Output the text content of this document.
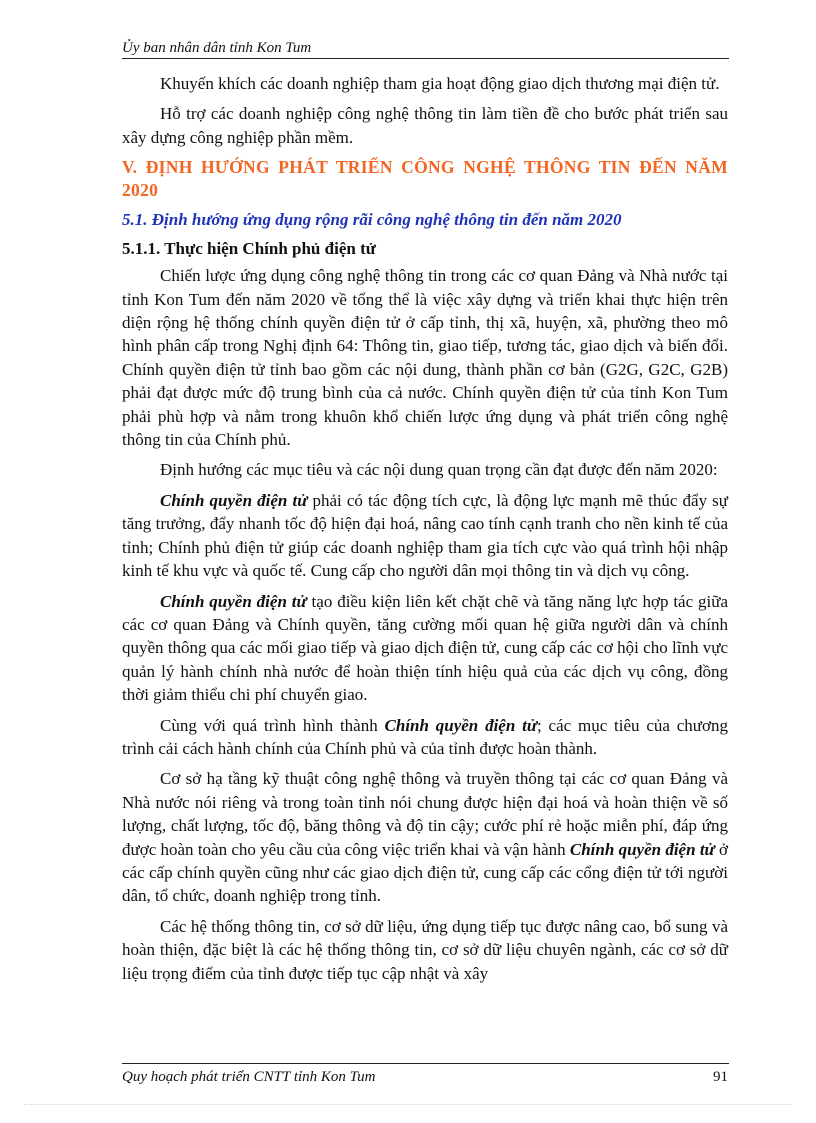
Ủy ban nhân dân tỉnh Kon Tum

Khuyến khích các doanh nghiệp tham gia hoạt động giao dịch thương mại điện tử.

Hỗ trợ các doanh nghiệp công nghệ thông tin làm tiền đề cho bước phát triển sau xây dựng công nghiệp phần mềm.

V. ĐỊNH HƯỚNG PHÁT TRIỂN CÔNG NGHỆ THÔNG TIN ĐẾN NĂM 2020
5.1. Định hướng ứng dụng rộng rãi công nghệ thông tin đến năm 2020
5.1.1. Thực hiện Chính phủ điện tử

Chiến lược ứng dụng công nghệ thông tin trong các cơ quan Đảng và Nhà nước tại tỉnh Kon Tum đến năm 2020 về tổng thể là việc xây dựng và triển khai thực hiện trên diện rộng hệ thống chính quyền điện tử ở cấp tỉnh, thị xã, huyện, xã, phường theo mô hình phân cấp trong Nghị định 64: Thông tin, giao tiếp, tương tác, giao dịch và biến đổi. Chính quyền điện tử tỉnh bao gồm các nội dung, thành phần cơ bản (G2G, G2C, G2B) phải đạt được mức độ trung bình của cả nước. Chính quyền điện tử của tỉnh Kon Tum phải phù hợp và nằm trong khuôn khổ chiến lược ứng dụng và phát triển công nghệ thông tin của Chính phủ.

Định hướng các mục tiêu và các nội dung quan trọng cần đạt được đến năm 2020:

Chính quyền điện tử phải có tác động tích cực, là động lực mạnh mẽ thúc đẩy sự tăng trưởng, đẩy nhanh tốc độ hiện đại hoá, nâng cao tính cạnh tranh cho nền kinh tế của tỉnh; Chính phủ điện tử giúp các doanh nghiệp tham gia tích cực vào quá trình hội nhập kinh tế khu vực và quốc tế. Cung cấp cho người dân mọi thông tin và dịch vụ công.

Chính quyền điện tử tạo điều kiện liên kết chặt chẽ và tăng năng lực hợp tác giữa các cơ quan Đảng và Chính quyền, tăng cường mối quan hệ giữa người dân và chính quyền thông qua các mối giao tiếp và giao dịch điện tử, cung cấp các cơ hội cho lĩnh vực quản lý hành chính nhà nước để hoàn thiện tính hiệu quả của các dịch vụ công, đồng thời giảm thiểu chi phí chuyển giao.

Cùng với quá trình hình thành Chính quyền điện tử; các mục tiêu của chương trình cải cách hành chính của Chính phủ và của tỉnh được hoàn thành.

Cơ sở hạ tầng kỹ thuật công nghệ thông và truyền thông tại các cơ quan Đảng và Nhà nước nói riêng và trong toàn tỉnh nói chung được hiện đại hoá và hoàn thiện về số lượng, chất lượng, tốc độ, băng thông và độ tin cậy; cước phí rẻ hoặc miễn phí, đáp ứng được hoàn toàn cho yêu cầu của công việc triển khai và vận hành Chính quyền điện tử ở các cấp chính quyền cũng như các giao dịch điện tử, cung cấp các cổng điện tử tới người dân, tổ chức, doanh nghiệp trong tỉnh.

Các hệ thống thông tin, cơ sở dữ liệu, ứng dụng tiếp tục được nâng cao, bổ sung và hoàn thiện, đặc biệt là các hệ thống thông tin, cơ sở dữ liệu chuyên ngành, các cơ sở dữ liệu trọng điểm của tỉnh được tiếp tục cập nhật và xây

Quy hoạch phát triển CNTT tỉnh Kon Tum	91
